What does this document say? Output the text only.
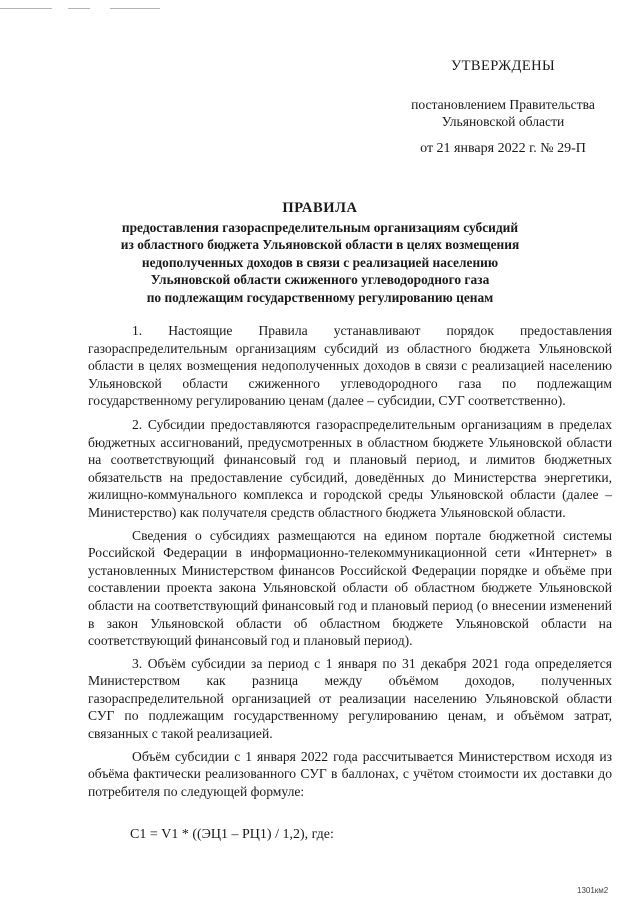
УТВЕРЖДЕНЫ
постановлением Правительства
Ульяновской области
от 21 января 2022 г. № 29-П
ПРАВИЛА
предоставления газораспределительным организациям субсидий
из областного бюджета Ульяновской области в целях возмещения
недополученных доходов в связи с реализацией населению
Ульяновской области сжиженного углеводородного газа
по подлежащим государственному регулированию ценам

1. Настоящие Правила устанавливают порядок предоставления газораспределительным организациям субсидий из областного бюджета Ульяновской области в целях возмещения недополученных доходов в связи с реализацией населению Ульяновской области сжиженного углеводородного газа по подлежащим государственному регулированию ценам (далее – субсидии, СУГ соответственно).

2. Субсидии предоставляются газораспределительным организациям в пределах бюджетных ассигнований, предусмотренных в областном бюджете Ульяновской области на соответствующий финансовый год и плановый период, и лимитов бюджетных обязательств на предоставление субсидий, доведённых до Министерства энергетики, жилищно-коммунального комплекса и городской среды Ульяновской области (далее – Министерство) как получателя средств областного бюджета Ульяновской области.

Сведения о субсидиях размещаются на едином портале бюджетной системы Российской Федерации в информационно-телекоммуникационной сети «Интернет» в установленных Министерством финансов Российской Федерации порядке и объёме при составлении проекта закона Ульяновской области об областном бюджете Ульяновской области на соответствующий финансовый год и плановый период (о внесении изменений в закон Ульяновской области об областном бюджете Ульяновской области на соответствующий финансовый год и плановый период).

3. Объём субсидии за период с 1 января по 31 декабря 2021 года определяется Министерством как разница между объёмом доходов, полученных газораспределительной организацией от реализации населению Ульяновской области СУГ по подлежащим государственному регулированию ценам, и объёмом затрат, связанных с такой реализацией.

Объём субсидии с 1 января 2022 года рассчитывается Министерством исходя из объёма фактически реализованного СУГ в баллонах, с учётом стоимости их доставки до потребителя по следующей формуле:

С1 = V1 * ((ЭЦ1 – РЦ1) / 1,2), где:
1301км2
